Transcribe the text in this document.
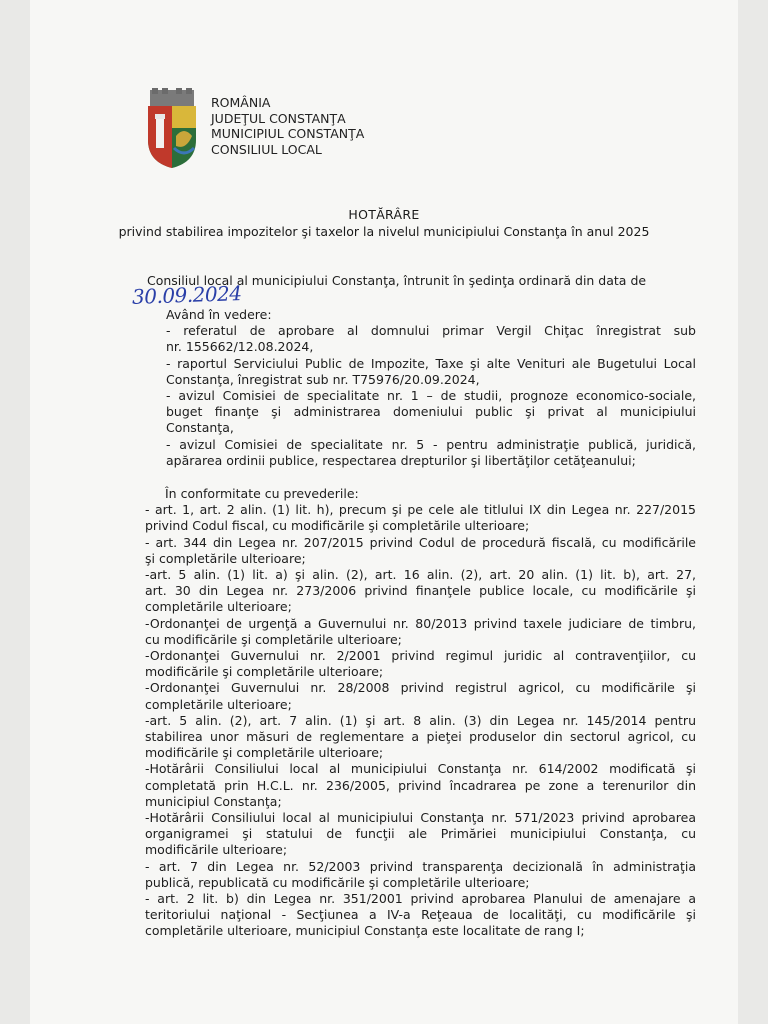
ROMÂNIA
JUDEŢUL CONSTANŢA
MUNICIPIUL CONSTANŢA
CONSILIUL LOCAL
HOTĂRÂRE
privind stabilirea impozitelor şi taxelor la nivelul municipiului Constanţa în anul 2025
Consiliul local al municipiului Constanţa, întrunit în şedinţa ordinară din data de
30.09.2024
Având în vedere:
- referatul de aprobare al domnului primar Vergil Chiţac înregistrat sub
nr. 155662/12.08.2024,
- raportul Serviciului Public de Impozite, Taxe şi alte Venituri ale Bugetului Local
Constanţa, înregistrat sub nr. T75976/20.09.2024,
- avizul Comisiei de specialitate nr. 1 – de studii, prognoze economico-sociale,
buget finanţe şi administrarea domeniului public şi privat al municipiului
Constanţa,
- avizul Comisiei de specialitate nr. 5 - pentru administraţie publică, juridică,
apărarea ordinii publice, respectarea drepturilor şi libertăţilor cetăţeanului;
În conformitate cu prevederile:
- art. 1, art. 2 alin. (1) lit. h), precum şi pe cele ale titlului IX din Legea nr. 227/2015
privind Codul fiscal, cu modificările şi completările ulterioare;
- art. 344 din Legea nr. 207/2015 privind Codul de procedură fiscală, cu modificările
şi completările ulterioare;
-art. 5 alin. (1) lit. a) şi alin. (2), art. 16 alin. (2), art. 20 alin. (1) lit. b), art. 27,
art. 30 din Legea nr. 273/2006 privind finanţele publice locale, cu modificările şi
completările ulterioare;
-Ordonanţei de urgenţă a Guvernului nr. 80/2013 privind taxele judiciare de timbru,
cu modificările şi completările ulterioare;
-Ordonanţei Guvernului nr. 2/2001 privind regimul juridic al contravenţiilor, cu
modificările şi completările ulterioare;
-Ordonanţei Guvernului nr. 28/2008 privind registrul agricol, cu modificările şi
completările ulterioare;
-art. 5 alin. (2), art. 7 alin. (1) şi art. 8 alin. (3) din Legea nr. 145/2014 pentru
stabilirea unor măsuri de reglementare a pieţei produselor din sectorul agricol, cu
modificările şi completările ulterioare;
-Hotărârii Consiliului local al municipiului Constanţa nr. 614/2002 modificată şi
completată prin H.C.L. nr. 236/2005, privind încadrarea pe zone a terenurilor din
municipiul Constanţa;
-Hotărârii Consiliului local al municipiului Constanţa nr. 571/2023 privind aprobarea
organigramei şi statului de funcţii ale Primăriei municipiului Constanţa, cu
modificările ulterioare;
- art. 7 din Legea nr. 52/2003 privind transparenţa decizională în administraţia
publică, republicată cu modificările şi completările ulterioare;
- art. 2 lit. b) din Legea nr. 351/2001 privind aprobarea Planului de amenajare a
teritoriului naţional - Secţiunea a IV-a Reţeaua de localităţi, cu modificările şi
completările ulterioare, municipiul Constanţa este localitate de rang I;
